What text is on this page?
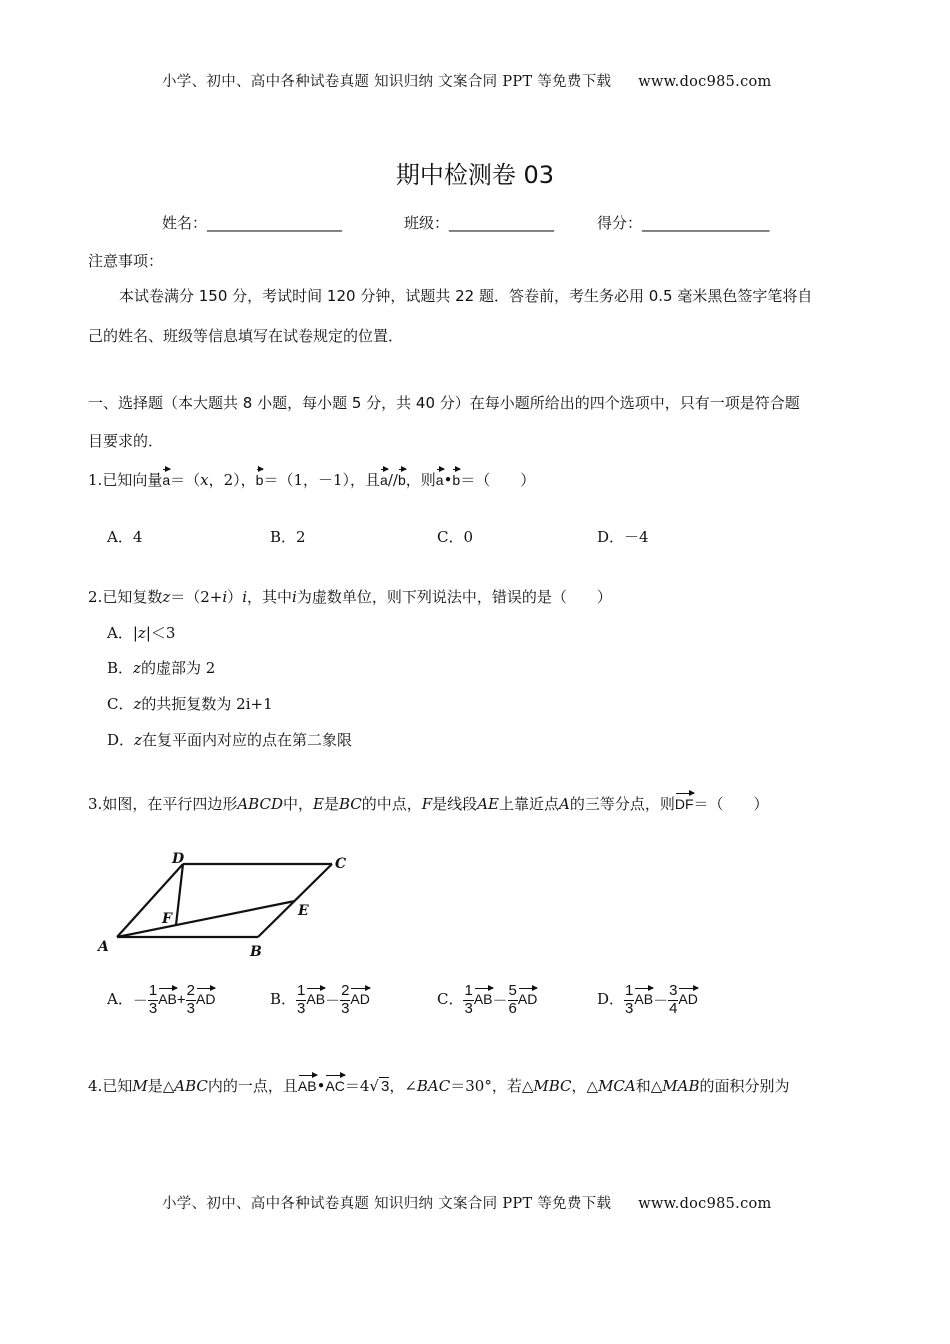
小学、初中、高中各种试卷真题 知识归纳 文案合同 PPT 等免费下载 www.doc985.com
期中检测卷 03
姓名：__________________	班级：______________	得分：_________________
注意事项：
本试卷满分 150 分，考试时间 120 分钟，试题共 22 题．答卷前，考生务必用 0.5 毫米黑色签字笔将自
己的姓名、班级等信息填写在试卷规定的位置．
一、选择题（本大题共 8 小题，每小题 5 分，共 40 分）在每小题所给出的四个选项中，只有一项是符合题
目要求的．
1.已知向量a＝（x，2），b＝（1，－1），且a//b，则a•b＝（　　）
A．4	B．2	C．0	D．－4
2.已知复数z＝（2+i）i，其中i为虚数单位，则下列说法中，错误的是（　　）
A．|z|＜3
B．z的虚部为 2
C．z的共扼复数为 2i+1
D．z在复平面内对应的点在第二象限
3.如图，在平行四边形ABCD中，E是BC的中点，F是线段AE上靠近点A的三等分点，则DF＝（　　）
A	B
C
D
E
F
A．－ $\frac{1}{3} AB+ \frac{2}{3}$ AD	B． $\frac{1}{3} AB- \frac{2}{3}$ AD	C． $\frac{1}{3} AB- \frac{5}{6}$ AD	D． $\frac{1}{3} AB- \frac{3}{4}$ AD
4.已知M是△ABC内的一点，且AB•AC＝4√ 3，∠BAC＝30°，若△MBC，△MCA和△MAB的面积分别为
小学、初中、高中各种试卷真题 知识归纳 文案合同 PPT 等免费下载 www.doc985.com
